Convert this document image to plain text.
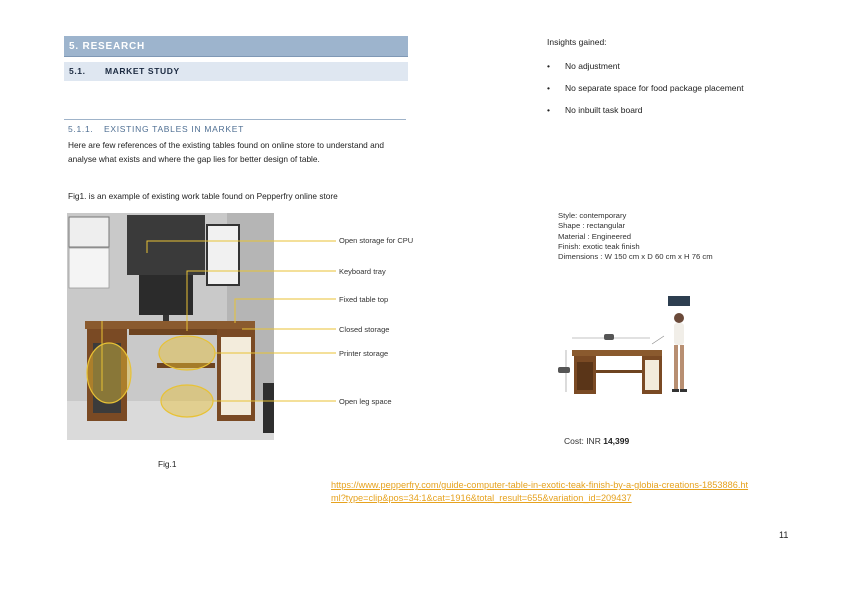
5. RESEARCH
5.1. MARKET STUDY
5.1.1. EXISTING TABLES IN MARKET
Here are few references of the existing tables found on online store to understand and analyse what exists and where the gap lies for better design of table.
Fig1. is an example of existing work table found on Pepperfry online store
Open storage for CPU
Keyboard tray
Fixed table top
Closed storage
Printer storage
Open leg space
Fig.1
Insights gained:
• No adjustment
• No separate space for food package placement
• No inbuilt task board
Style: contemporary
Shape : rectangular
Material : Engineered
Finish: exotic teak finish
Dimensions : W 150 cm x D 60 cm x H 76 cm
Cost: INR 14,399
https://www.pepperfry.com/guide-computer-table-in-exotic-teak-finish-by-a-globia-creations-1853886.html?type=clip&pos=34:1&cat=1916&total_result=655&variation_id=209437
11
